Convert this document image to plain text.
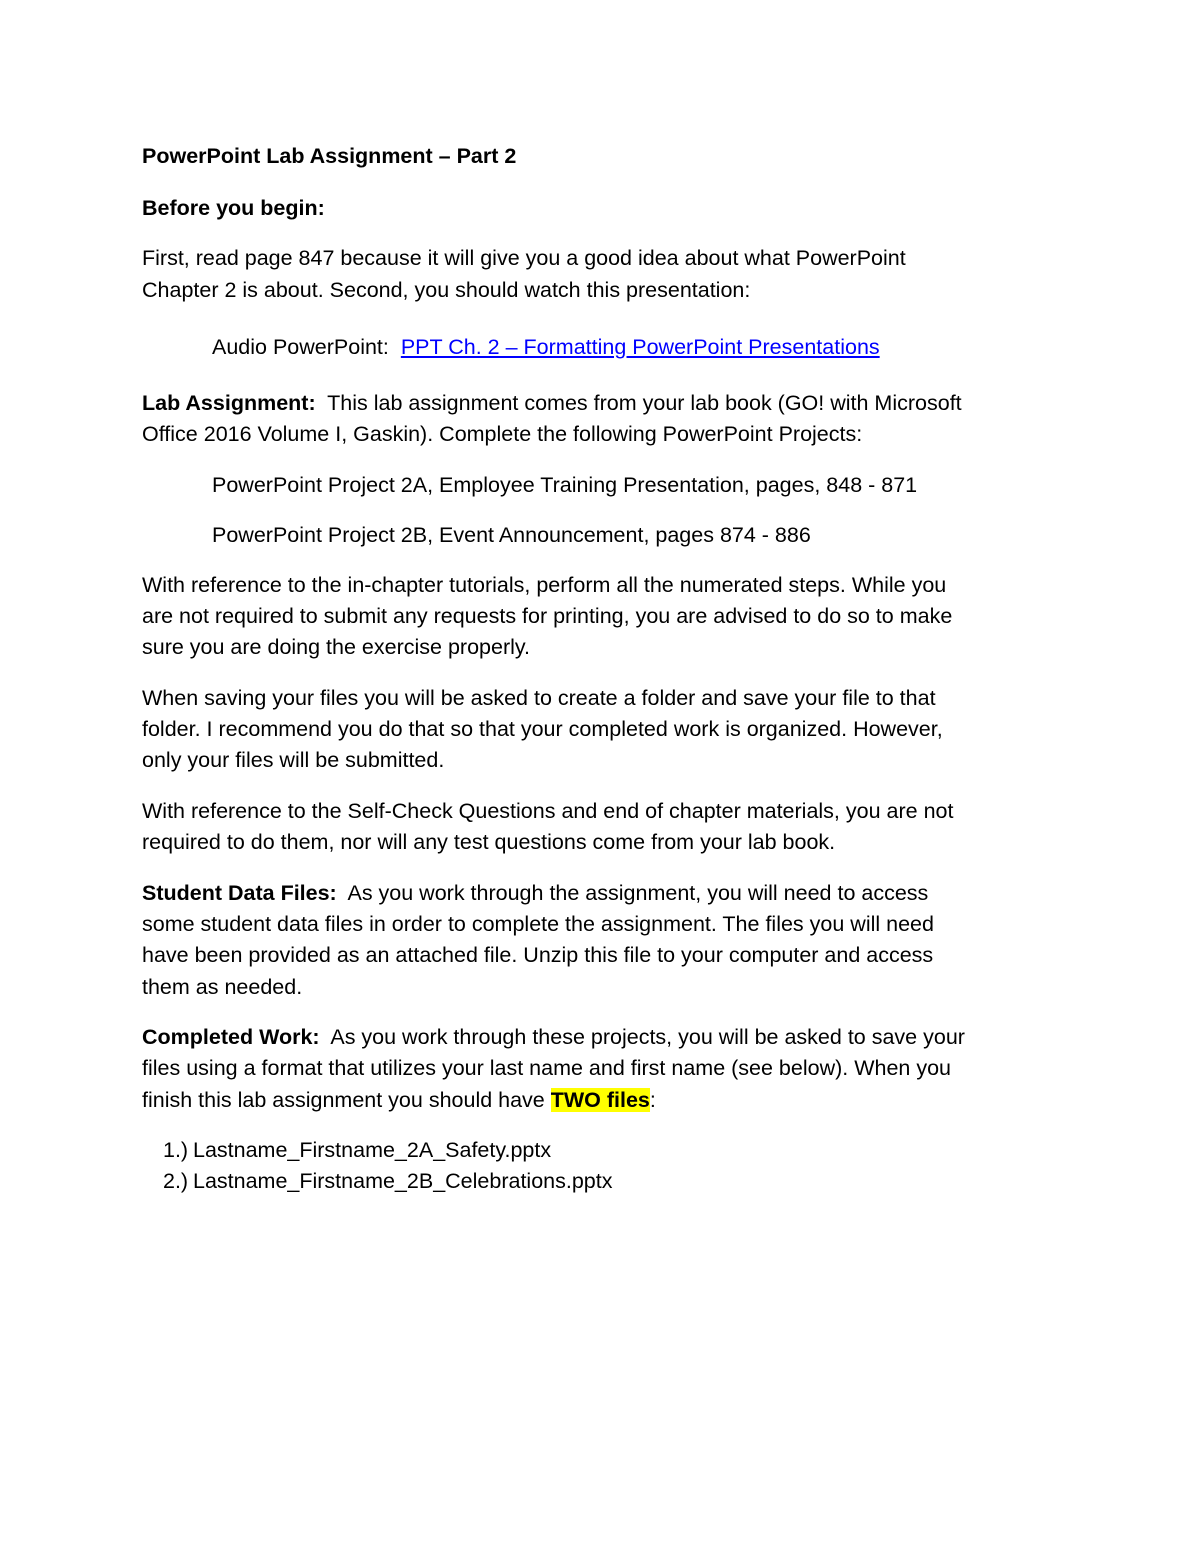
PowerPoint Lab Assignment – Part 2
Before you begin:
First, read page 847 because it will give you a good idea about what PowerPoint
Chapter 2 is about. Second, you should watch this presentation:
Audio PowerPoint: PPT Ch. 2 – Formatting PowerPoint Presentations
Lab Assignment:  This lab assignment comes from your lab book (GO! with Microsoft
Office 2016 Volume I, Gaskin). Complete the following PowerPoint Projects:
PowerPoint Project 2A, Employee Training Presentation, pages, 848 - 871
PowerPoint Project 2B, Event Announcement, pages 874 - 886
With reference to the in-chapter tutorials, perform all the numerated steps. While you
are not required to submit any requests for printing, you are advised to do so to make
sure you are doing the exercise properly.
When saving your files you will be asked to create a folder and save your file to that
folder. I recommend you do that so that your completed work is organized. However,
only your files will be submitted.
With reference to the Self-Check Questions and end of chapter materials, you are not
required to do them, nor will any test questions come from your lab book.
Student Data Files:  As you work through the assignment, you will need to access
some student data files in order to complete the assignment. The files you will need
have been provided as an attached file. Unzip this file to your computer and access
them as needed.
Completed Work:  As you work through these projects, you will be asked to save your
files using a format that utilizes your last name and first name (see below). When you
finish this lab assignment you should have TWO files:
1.) Lastname_Firstname_2A_Safety.pptx
2.) Lastname_Firstname_2B_Celebrations.pptx
